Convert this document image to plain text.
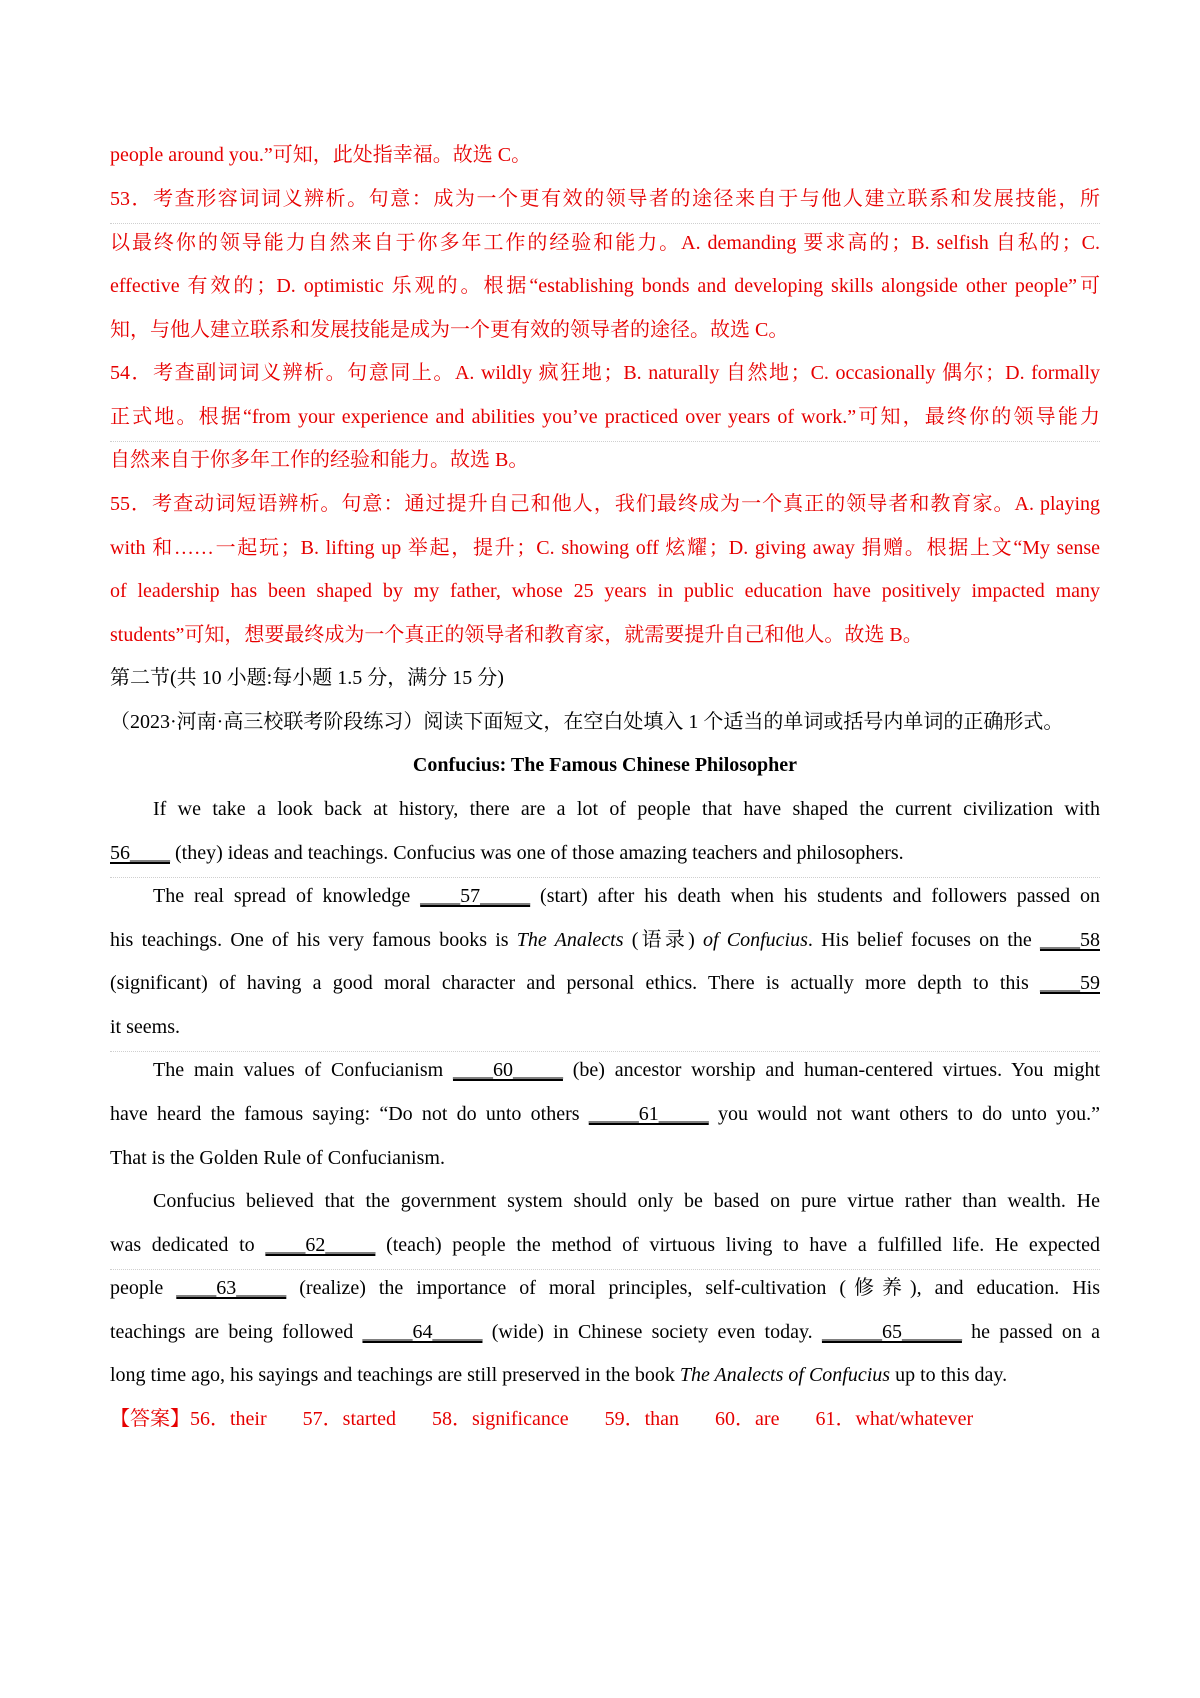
people around you.”可知，此处指幸福。故选 C。
53．考查形容词词义辨析。句意：成为一个更有效的领导者的途径来自于与他人建立联系和发展技能，所
以最终你的领导能力自然来自于你多年工作的经验和能力。A. demanding 要求高的；B. selfish 自私的；C.
effective 有效的；D. optimistic 乐观的。根据“establishing bonds and developing skills alongside other people”可
知，与他人建立联系和发展技能是成为一个更有效的领导者的途径。故选 C。
54．考查副词词义辨析。句意同上。A. wildly 疯狂地；B. naturally 自然地；C. occasionally 偶尔；D. formally
正式地。根据“from your experience and abilities you’ve practiced over years of work.”可知，最终你的领导能力
自然来自于你多年工作的经验和能力。故选 B。
55．考查动词短语辨析。句意：通过提升自己和他人，我们最终成为一个真正的领导者和教育家。A. playing
with 和……一起玩；B. lifting up 举起，提升；C. showing off 炫耀；D. giving away 捐赠。根据上文“My sense
of leadership has been shaped by my father, whose 25 years in public education have positively impacted many
students”可知，想要最终成为一个真正的领导者和教育家，就需要提升自己和他人。故选 B。
第二节(共 10 小题:每小题 1.5 分，满分 15 分)
（2023·河南·高三校联考阶段练习）阅读下面短文，在空白处填入 1 个适当的单词或括号内单词的正确形式。
Confucius: The Famous Chinese Philosopher
If we take a look back at history, there are a lot of people that have shaped the current civilization with
56____ (they) ideas and teachings. Confucius was one of those amazing teachers and philosophers.
The real spread of knowledge ____57_____ (start) after his death when his students and followers passed on
his teachings. One of his very famous books is The Analects (语录) of Confucius. His belief focuses on the ____58
(significant) of having a good moral character and personal ethics. There is actually more depth to this ____59
it seems.
The main values of Confucianism ____60_____ (be) ancestor worship and human-centered virtues. You might
have heard the famous saying: “Do not do unto others _____61_____ you would not want others to do unto you.”
That is the Golden Rule of Confucianism.
Confucius believed that the government system should only be based on pure virtue rather than wealth. He
was dedicated to ____62_____ (teach) people the method of virtuous living to have a fulfilled life. He expected
people ____63_____ (realize) the importance of moral principles, self-cultivation (修养), and education. His
teachings are being followed _____64_____ (wide) in Chinese society even today. ______65______ he passed on a
long time ago, his sayings and teachings are still preserved in the book The Analects of Confucius up to this day.
【答案】56．their 57．started 58．significance 59．than 60．are 61．what/whatever
